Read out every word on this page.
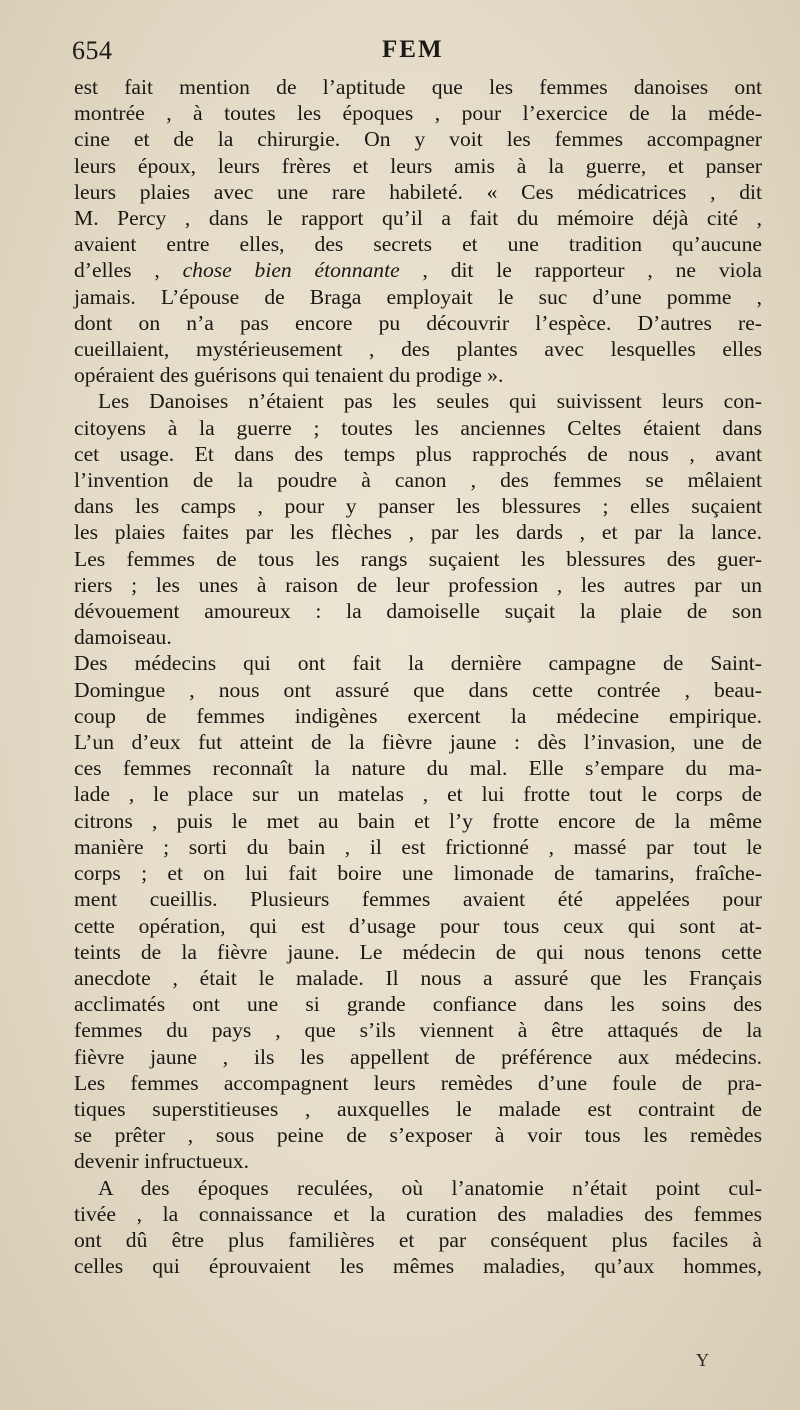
654	FEM

est fait mention de l’aptitude que les femmes danoises ont
montrée , à toutes les époques , pour l’exercice de la méde-
cine et de la chirurgie. On y voit les femmes accompagner
leurs époux, leurs frères et leurs amis à la guerre, et panser
leurs plaies avec une rare habileté. « Ces médicatrices , dit
M. Percy , dans le rapport qu’il a fait du mémoire déjà cité ,
avaient entre elles, des secrets et une tradition qu’aucune
d’elles , chose bien étonnante , dit le rapporteur , ne viola
jamais. L’épouse de Braga employait le suc d’une pomme ,
dont on n’a pas encore pu découvrir l’espèce. D’autres re-
cueillaient, mystérieusement , des plantes avec lesquelles elles
opéraient des guérisons qui tenaient du prodige ».

Les Danoises n’étaient pas les seules qui suivissent leurs con-
citoyens à la guerre ; toutes les anciennes Celtes étaient dans
cet usage. Et dans des temps plus rapprochés de nous , avant
l’invention de la poudre à canon , des femmes se mêlaient
dans les camps , pour y panser les blessures ; elles suçaient
les plaies faites par les flèches , par les dards , et par la lance.
Les femmes de tous les rangs suçaient les blessures des guer-
riers ; les unes à raison de leur profession , les autres par un
dévouement amoureux : la damoiselle suçait la plaie de son
damoiseau.

Des médecins qui ont fait la dernière campagne de Saint-
Domingue , nous ont assuré que dans cette contrée , beau-
coup de femmes indigènes exercent la médecine empirique.
L’un d’eux fut atteint de la fièvre jaune : dès l’invasion, une de
ces femmes reconnaît la nature du mal. Elle s’empare du ma-
lade , le place sur un matelas , et lui frotte tout le corps de
citrons , puis le met au bain et l’y frotte encore de la même
manière ; sorti du bain , il est frictionné , massé par tout le
corps ; et on lui fait boire une limonade de tamarins, fraîche-
ment cueillis. Plusieurs femmes avaient été appelées pour
cette opération, qui est d’usage pour tous ceux qui sont at-
teints de la fièvre jaune. Le médecin de qui nous tenons cette
anecdote , était le malade. Il nous a assuré que les Français
acclimatés ont une si grande confiance dans les soins des
femmes du pays , que s’ils viennent à être attaqués de la
fièvre jaune , ils les appellent de préférence aux médecins.
Les femmes accompagnent leurs remèdes d’une foule de pra-
tiques superstitieuses , auxquelles le malade est contraint de
se prêter , sous peine de s’exposer à voir tous les remèdes
devenir infructueux.

A des époques reculées, où l’anatomie n’était point cul-
tivée , la connaissance et la curation des maladies des femmes
ont dû être plus familières et par conséquent plus faciles à
celles qui éprouvaient les mêmes maladies, qu’aux hommes,

Y
